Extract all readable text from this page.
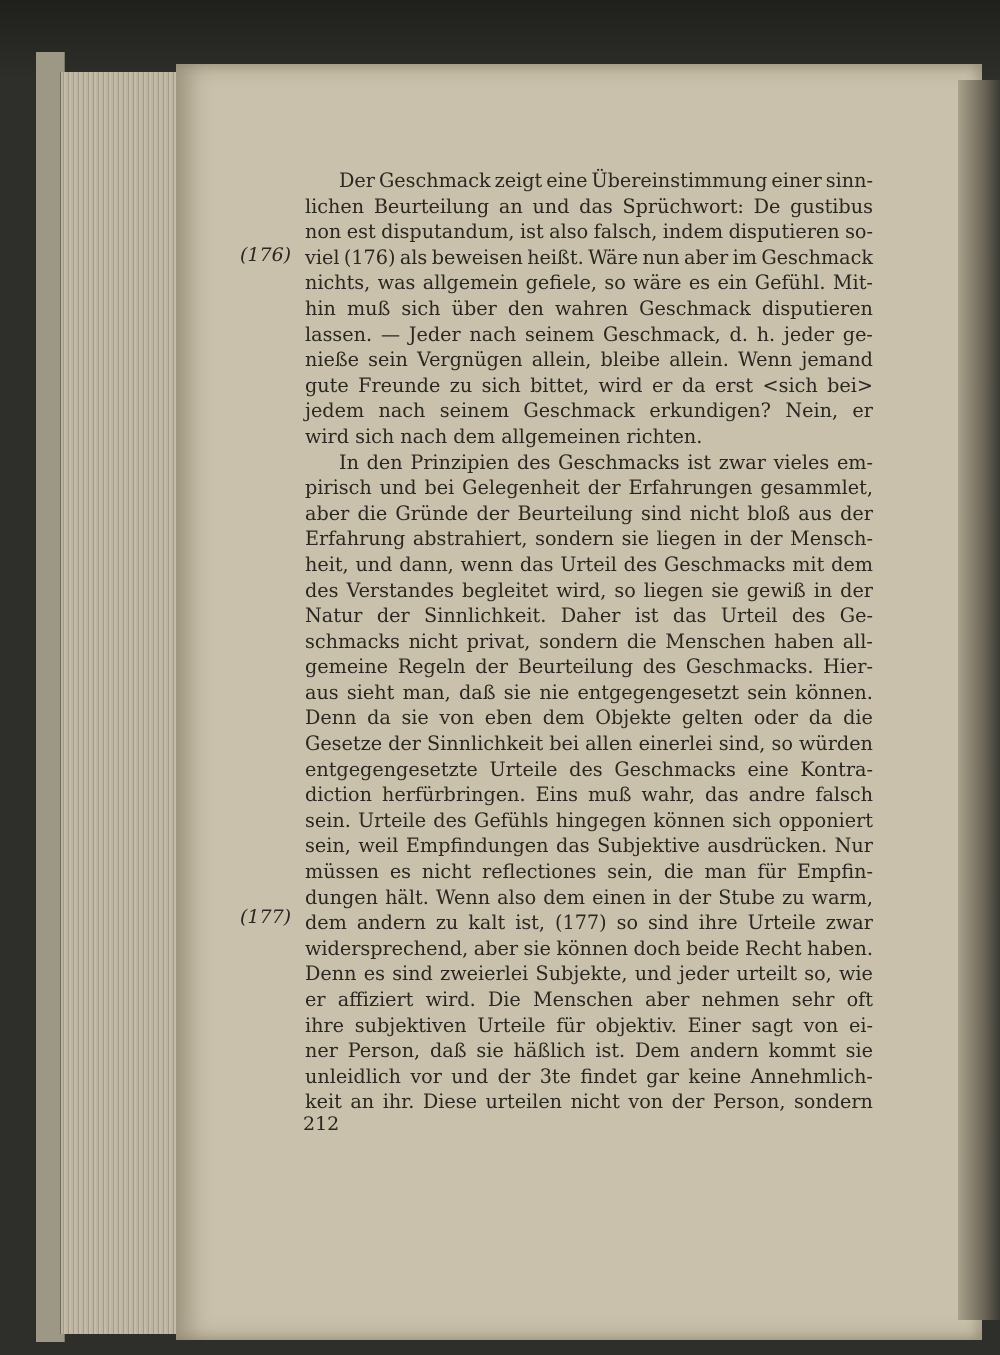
Der Geschmack zeigt eine Übereinstimmung einer sinn-
lichen Beurteilung an und das Sprüchwort: De gustibus
non est disputandum, ist also falsch, indem disputieren so-
viel (176) als beweisen heißt. Wäre nun aber im Geschmack
nichts, was allgemein gefiele, so wäre es ein Gefühl. Mit-
hin muß sich über den wahren Geschmack disputieren
lassen. — Jeder nach seinem Geschmack, d. h. jeder ge-
nieße sein Vergnügen allein, bleibe allein. Wenn jemand
gute Freunde zu sich bittet, wird er da erst <sich bei>
jedem nach seinem Geschmack erkundigen? Nein, er
wird sich nach dem allgemeinen richten.
In den Prinzipien des Geschmacks ist zwar vieles em-
pirisch und bei Gelegenheit der Erfahrungen gesammlet,
aber die Gründe der Beurteilung sind nicht bloß aus der
Erfahrung abstrahiert, sondern sie liegen in der Mensch-
heit, und dann, wenn das Urteil des Geschmacks mit dem
des Verstandes begleitet wird, so liegen sie gewiß in der
Natur der Sinnlichkeit. Daher ist das Urteil des Ge-
schmacks nicht privat, sondern die Menschen haben all-
gemeine Regeln der Beurteilung des Geschmacks. Hier-
aus sieht man, daß sie nie entgegengesetzt sein können.
Denn da sie von eben dem Objekte gelten oder da die
Gesetze der Sinnlichkeit bei allen einerlei sind, so würden
entgegengesetzte Urteile des Geschmacks eine Kontra-
diction herfürbringen. Eins muß wahr, das andre falsch
sein. Urteile des Gefühls hingegen können sich opponiert
sein, weil Empfindungen das Subjektive ausdrücken. Nur
müssen es nicht reflectiones sein, die man für Empfin-
dungen hält. Wenn also dem einen in der Stube zu warm,
dem andern zu kalt ist, (177) so sind ihre Urteile zwar
widersprechend, aber sie können doch beide Recht haben.
Denn es sind zweierlei Subjekte, und jeder urteilt so, wie
er affiziert wird. Die Menschen aber nehmen sehr oft
ihre subjektiven Urteile für objektiv. Einer sagt von ei-
ner Person, daß sie häßlich ist. Dem andern kommt sie
unleidlich vor und der 3te findet gar keine Annehmlich-
keit an ihr. Diese urteilen nicht von der Person, sondern
(176)
(177)
212
